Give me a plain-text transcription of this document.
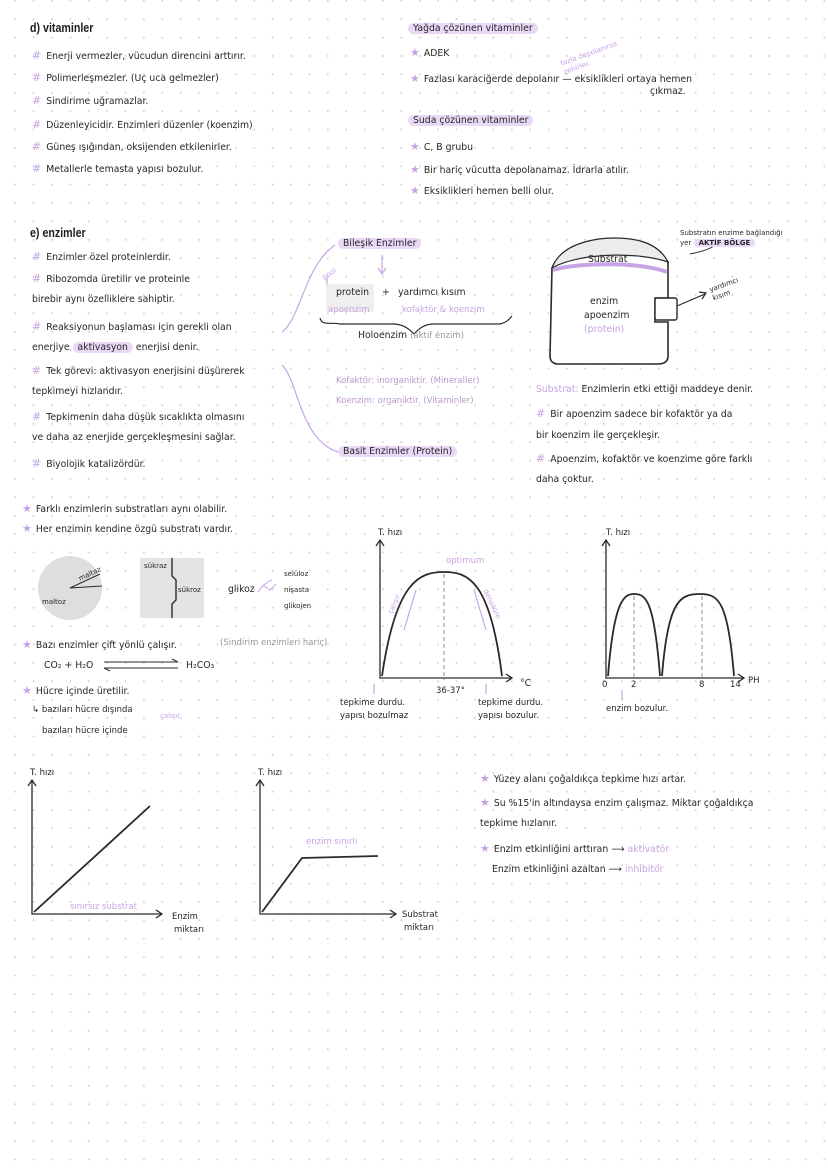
d) vitaminler
# Enerji vermezler, vücudun direncini arttırır.
# Polimerleşmezler. (Uç uca gelmezler)
# Sindirime uğramazlar.
# Düzenleyicidir. Enzimleri düzenler (koenzim)
# Güneş ışığından, oksijenden etkilenirler.
# Metallerle temasta yapısı bozulur.
Yağda çözünen vitaminler
★ ADEK
★ Fazlası karaciğerde depolanır — eksiklikleri ortaya hemen
çıkmaz.
fazla depolanırsa zehirler.
Suda çözünen vitaminler
★ C, B grubu
★ Bir hariç vücutta depolanamaz. İdrarla atılır.
★ Eksiklikleri hemen belli olur.
e) enzimler
# Enzimler özel proteinlerdir.
# Ribozomda üretilir ve proteinle
birebir aynı özelliklere sahiptir.
# Reaksiyonun başlaması için gerekli olan
enerjiye aktivasyon enerjisi denir.
# Tek görevi: aktivasyon enerjisini düşürerek
tepkimeyi hızlandır.
# Tepkimenin daha düşük sıcaklıkta olmasını
ve daha az enerjide gerçekleşmesini sağlar.
# Biyolojik katalizördür.
Bileşik Enzimler
pool
protein + yardımcı kısım
apoenzim	kofaktör & koenzim
Holoenzim (aktif enzim)
Kofaktör: inorganiktir. (Mineraller)
Koenzim: organiktir. (Vitaminler)
Basit Enzimler (Protein)
Substratın enzime bağlandığı yer AKTİF BÖLGE
Substrat
enzim
apoenzim
(protein)
yardımcı kısım
Substrat: Enzimlerin etki ettiği maddeye denir.
# Bir apoenzim sadece bir kofaktör ya da
bir koenzim ile gerçekleşir.
# Apoenzim, kofaktör ve koenzime göre farklı
daha çoktur.
★ Farklı enzimlerin substratları aynı olabilir.
★ Her enzimin kendine özgü substratı vardır.
maltaz
maltoz
sükraz
sükroz	glikoz
selüloz
nişasta
glikojen
★ Bazı enzimler çift yönlü çalışır.	(Sindirim enzimleri hariç)
CO₂ + H₂O	H₂CO₃
★ Hücre içinde üretilir.
↳ bazıları hücre dışında
bazıları hücre içinde
çalışır
T. hızı
optimum
çalışır	denatüre
°C
36-37°
tepkime durdu.
yapısı bozulmaz
tepkime durdu.
yapısı bozulur.
T. hızı
PH
0	2	8	14
enzim bozulur.
T. hızı
Enzim
miktarı
sınırsız substrat
T. hızı
Substrat
miktarı
enzim sınırlı
★ Yüzey alanı çoğaldıkça tepkime hızı artar.
★ Su %15'in altındaysa enzim çalışmaz. Miktar çoğaldıkça
tepkime hızlanır.
★ Enzim etkinliğini arttıran ⟶ aktivatör
Enzim etkinliğini azaltan ⟶ inhibitör
